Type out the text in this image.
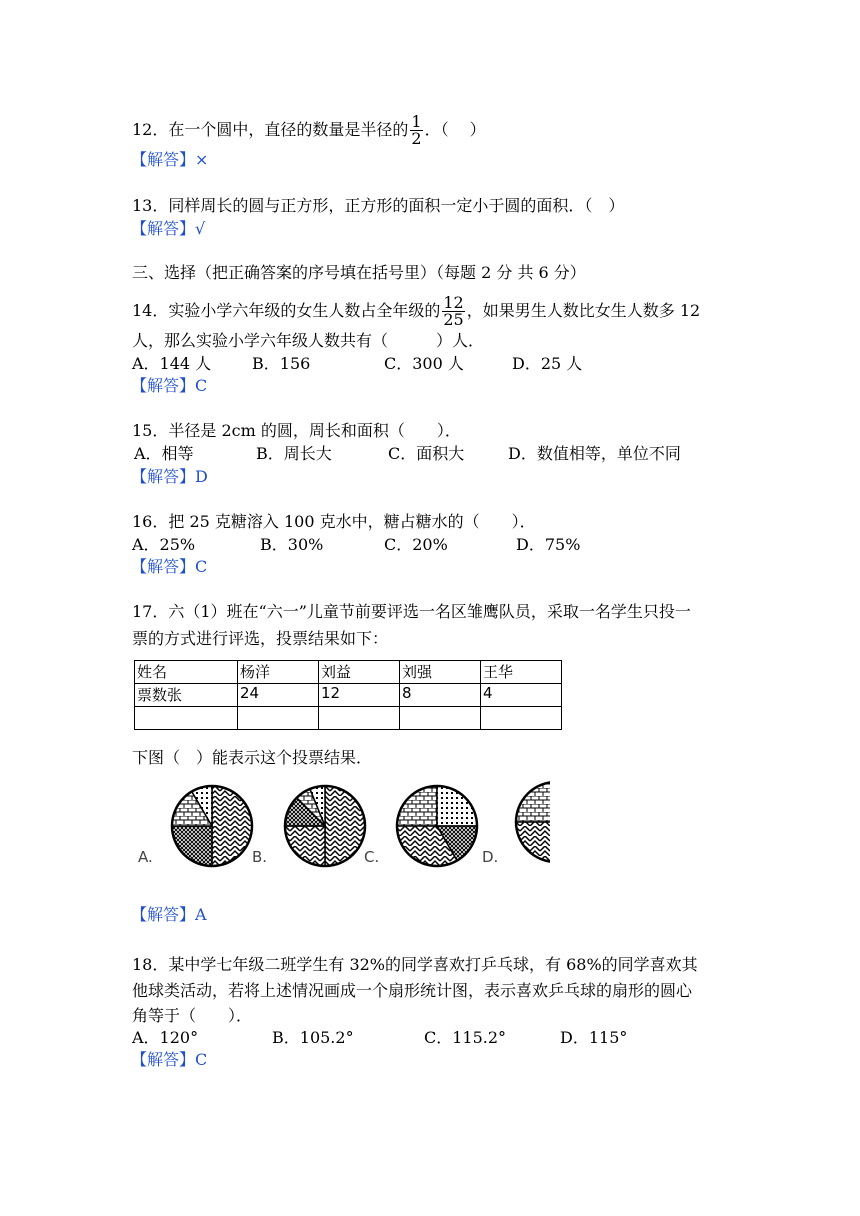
12．在一个圆中，直径的数量是半径的 $\frac{1}{2}$ ．（　 ）
【解答】×
13．同样周长的圆与正方形，正方形的面积一定小于圆的面积．（　）
【解答】√
三、选择（把正确答案的序号填在括号里）（每题 2 分 共 6 分）
14．实验小学六年级的女生人数占全年级的 $\frac{12}{25}$ ，如果男生人数比女生人数多 12
人，那么实验小学六年级人数共有（　　　）人．
A．144 人	B．156	C．300 人	D．25 人
【解答】C
15．半径是 2cm 的圆，周长和面积（　　）．
A．相等	B．周长大	C．面积大	D．数值相等，单位不同
【解答】D
16．把 25 克糖溶入 100 克水中，糖占糖水的（　　）．
A．25%	B．30%	C．20%	D．75%
【解答】C
17．六（1）班在“六一”儿童节前要评选一名区雏鹰队员，采取一名学生只投一
票的方式进行评选，投票结果如下：
姓名	杨洋	刘益	刘强	王华
票数张	24	12	8	4

下图（　）能表示这个投票结果．
A.	B.	C.	D.
【解答】A
18．某中学七年级二班学生有 32%的同学喜欢打乒乓球，有 68%的同学喜欢其
他球类活动，若将上述情况画成一个扇形统计图，表示喜欢乒乓球的扇形的圆心
角等于（　　）．
A．120°	B．105.2°	C．115.2°	D．115°
【解答】C
